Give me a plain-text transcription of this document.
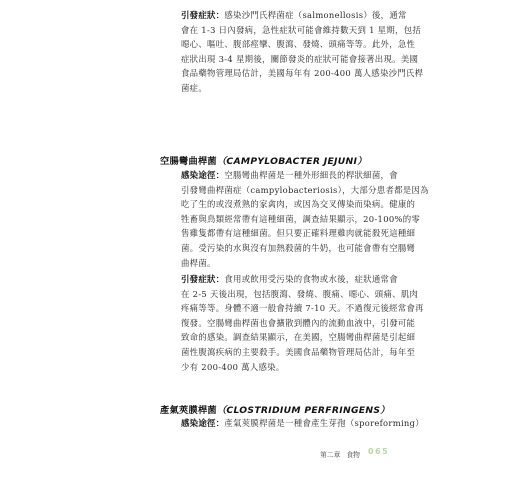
引發症狀：感染沙門氏桿菌症（salmonellosis）後，通常
會在 1-3 日內發病，急性症狀可能會維持數天到 1 星期，包括
噁心、嘔吐、腹部痙攣、腹瀉、發燒、頭痛等等。此外，急性
症狀出現 3-4 星期後，關節發炎的症狀可能會接著出現。美國
食品藥物管理局估計，美國每年有 200-400 萬人感染沙門氏桿
菌症。

空腸彎曲桿菌（CAMPYLOBACTER JEJUNI）

感染途徑：空腸彎曲桿菌是一種外形細長的桿狀細菌，會
引發彎曲桿菌症（campylobacteriosis），大部分患者都是因為
吃了生的或沒煮熟的家禽肉，或因為交叉傳染而染病。健康的
牲畜與鳥類經常帶有這種細菌，調查結果顯示，20-100%的零
售雞隻都帶有這種細菌。但只要正確料理雞肉就能殺死這種細
菌。受污染的水與沒有加熱殺菌的牛奶，也可能會帶有空腸彎
曲桿菌。

引發症狀：食用或飲用受污染的食物或水後，症狀通常會
在 2-5 天後出現，包括腹瀉、發燒、腹痛、噁心、頭痛、肌肉
疼痛等等。身體不適一般會持續 7-10 天。不過復元後經常會再
復發。空腸彎曲桿菌也會擴散到體內的流動血液中，引發可能
致命的感染。調查結果顯示，在美國，空腸彎曲桿菌是引起細
菌性腹瀉疾病的主要殺手。美國食品藥物管理局估計，每年至
少有 200-400 萬人感染。

產氣莢膜桿菌（CLOSTRIDIUM PERFRINGENS）

感染途徑：產氣莢膜桿菌是一種會產生芽孢（sporeforming）

第二章 食物	065
